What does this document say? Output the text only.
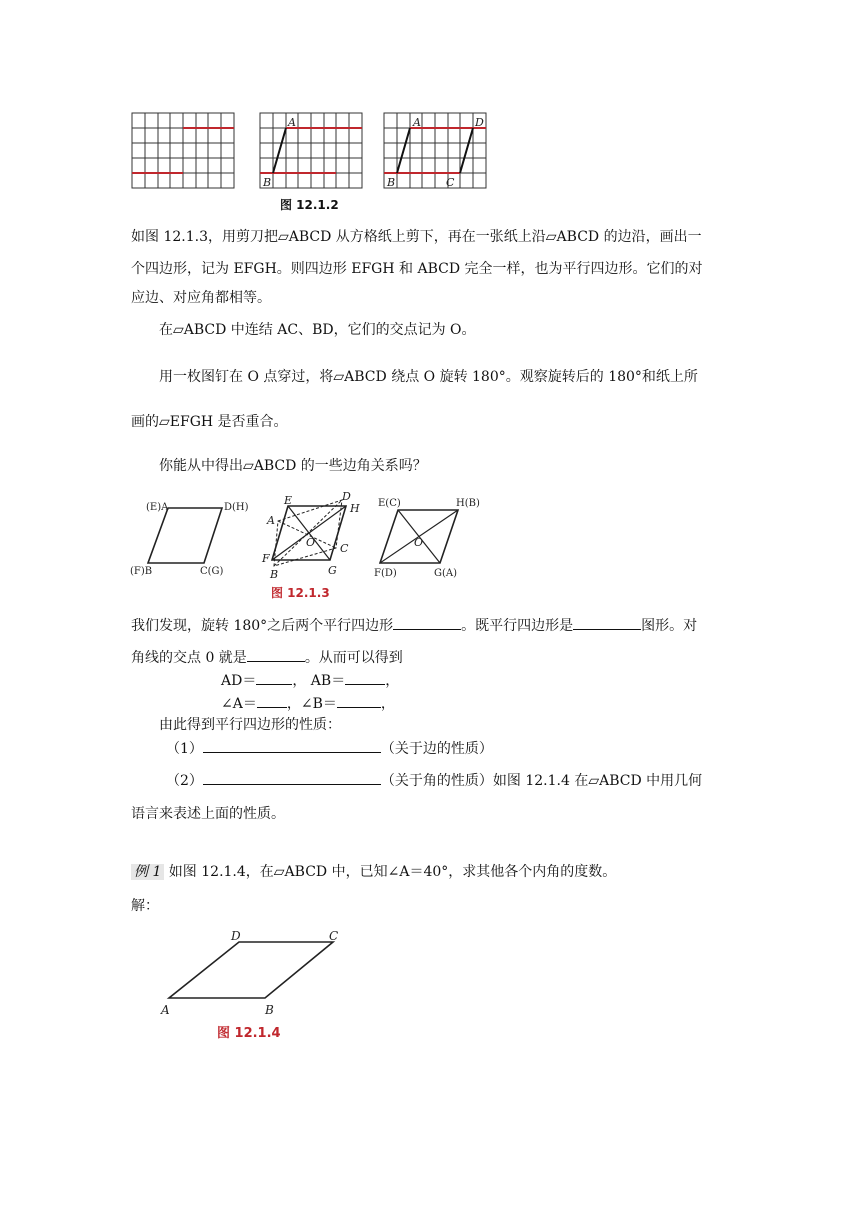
A
B
A	D
B	C
图 12.1.2
如图 12.1.3，用剪刀把▱ABCD 从方格纸上剪下，再在一张纸上沿▱ABCD 的边沿，画出一
个四边形，记为 EFGH。则四边形 EFGH 和 ABCD 完全一样，也为平行四边形。它们的对
应边、对应角都相等。
在▱ABCD 中连结 AC、BD，它们的交点记为 O。
用一枚图钉在 O 点穿过，将▱ABCD 绕点 O 旋转 180°。观察旋转后的 180°和纸上所
画的▱EFGH 是否重合。
你能从中得出▱ABCD 的一些边角关系吗？
(E)A	D(H)
(F)B	C(G)
E	D
A
H
O C
F
B	G
E(C)	H(B)
O
F(D)	G(A)
图 12.1.3
我们发现，旋转 180°之后两个平行四边形	。既平行四边形是	图形。对
角线的交点 0 就是	。从而可以得到
AD＝	， AB＝	，
∠A＝ ，∠B＝	，
由此得到平行四边形的性质：
（1）	（关于边的性质）
（2）	（关于角的性质）如图 12.1.4 在▱ABCD 中用几何
语言来表述上面的性质。
例 1 如图 12.1.4，在▱ABCD 中，已知∠A＝40°，求其他各个内角的度数。
解：
A	B
C
D
图 12.1.4
